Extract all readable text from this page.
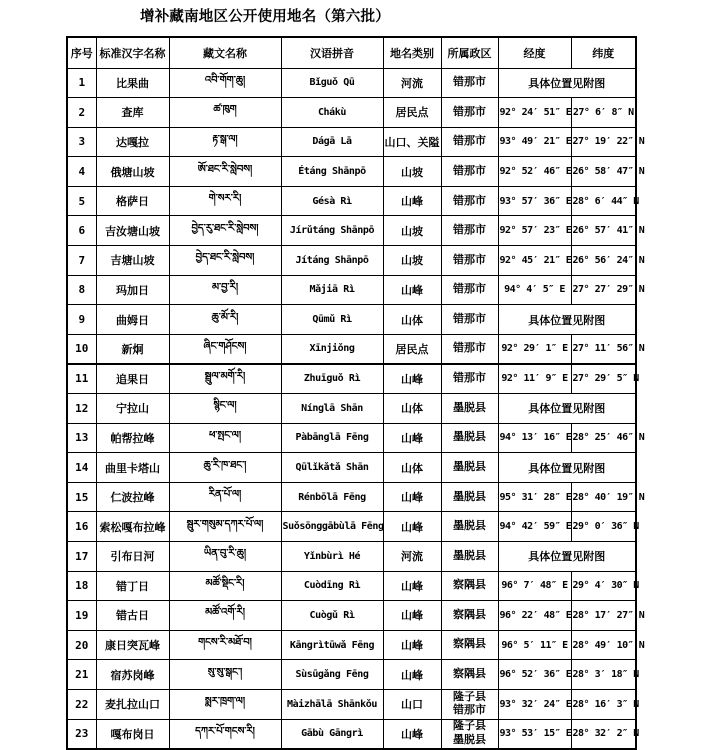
增补藏南地区公开使用地名（第六批）
序号	标准汉字名称	藏文名称	汉语拼音	地名类别	所属政区	经度	纬度
1	比果曲	འབི་གོག་ཆུ།	Bǐguǒ Qū	河流	错那市	具体位置见附图	
2	查库	ཚ་ཁུག	Chákù	居民点	错那市	92° 24′ 51″ E	27° 6′ 8″ N
3	达嘎拉	རྟ་སྒ་ལ།	Dágā Lā	山口、关隘	错那市	93° 49′ 21″ E	27° 19′ 22″ N
4	俄塘山坡	ཨོ་ཐང་རི་སླེབས།	Étáng Shānpō	山坡	错那市	92° 52′ 46″ E	26° 58′ 47″ N
5	格萨日	གེ་སར་རི།	Gésà Rì	山峰	错那市	93° 57′ 36″ E	28° 6′ 44″ N
6	吉汝塘山坡	བྱེད་རུ་ཐང་རི་སླེབས།	Jírǔtáng Shānpō	山坡	错那市	92° 57′ 23″ E	26° 57′ 41″ N
7	吉塘山坡	བྱེད་ཐང་རི་སླེབས།	Jítáng Shānpō	山坡	错那市	92° 45′ 21″ E	26° 56′ 24″ N
8	玛加日	མ་བྱ་རི།	Mǎjiā Rì	山峰	错那市	94° 4′ 5″ E	27° 27′ 29″ N
9	曲姆日	ཆུ་མོ་རི།	Qūmǔ Rì	山体	错那市	具体位置见附图	
10	新炯	ཞིང་གཤོངས།	Xīnjiǒng	居民点	错那市	92° 29′ 1″ E	27° 11′ 56″ N
11	追果日	སྦྲུལ་མགོ་རི།	Zhuīguǒ Rì	山峰	错那市	92° 11′ 9″ E	27° 29′ 5″ N
12	宁拉山	སྙིང་ལ།	Nínglā Shān	山体	墨脱县	具体位置见附图	
13	帕帮拉峰	ཕ་སྤང་ལ།	Pàbānglā Fēng	山峰	墨脱县	94° 13′ 16″ E	28° 25′ 46″ N
14	曲里卡塔山	ཆུ་རི་ཁ་ཐང་།	Qūlǐkǎtǎ Shān	山体	墨脱县	具体位置见附图	
15	仁波拉峰	རིན་པོ་ལ།	Rénbōlā Fēng	山峰	墨脱县	95° 31′ 28″ E	28° 40′ 19″ N
16	索松嘎布拉峰	སྦུར་གསུམ་དཀར་པོ་ལ།	Suǒsōnggābùlā Fēng	山峰	墨脱县	94° 42′ 59″ E	29° 0′ 36″ N
17	引布日河	ཡིན་བུ་རི་ཆུ།	Yǐnbùrì Hé	河流	墨脱县	具体位置见附图	
18	错丁日	མཚོ་སྡིང་རི།	Cuòdīng Rì	山峰	察隅县	96° 7′ 48″ E	29° 4′ 30″ N
19	错古日	མཚོ་འགོ་རི།	Cuògǔ Rì	山峰	察隅县	96° 22′ 48″ E	28° 17′ 27″ N
20	康日突瓦峰	གངས་རི་མཐོ་བ།	Kāngrìtūwǎ Fēng	山峰	察隅县	96° 5′ 11″ E	28° 49′ 10″ N
21	宿苏岗峰	སུ་སུ་སྒང་།	Sùsūgǎng Fēng	山峰	察隅县	96° 52′ 36″ E	28° 3′ 18″ N
22	麦扎拉山口	སྨར་ཁྲག་ལ།	Màizhālā Shānkǒu	山口	隆子县
错那市	93° 32′ 24″ E	28° 16′ 3″ N
23	嘎布岗日	དཀར་པོ་གངས་རི།	Gābù Gāngrì	山峰	隆子县
墨脱县	93° 53′ 15″ E	28° 32′ 2″ N
